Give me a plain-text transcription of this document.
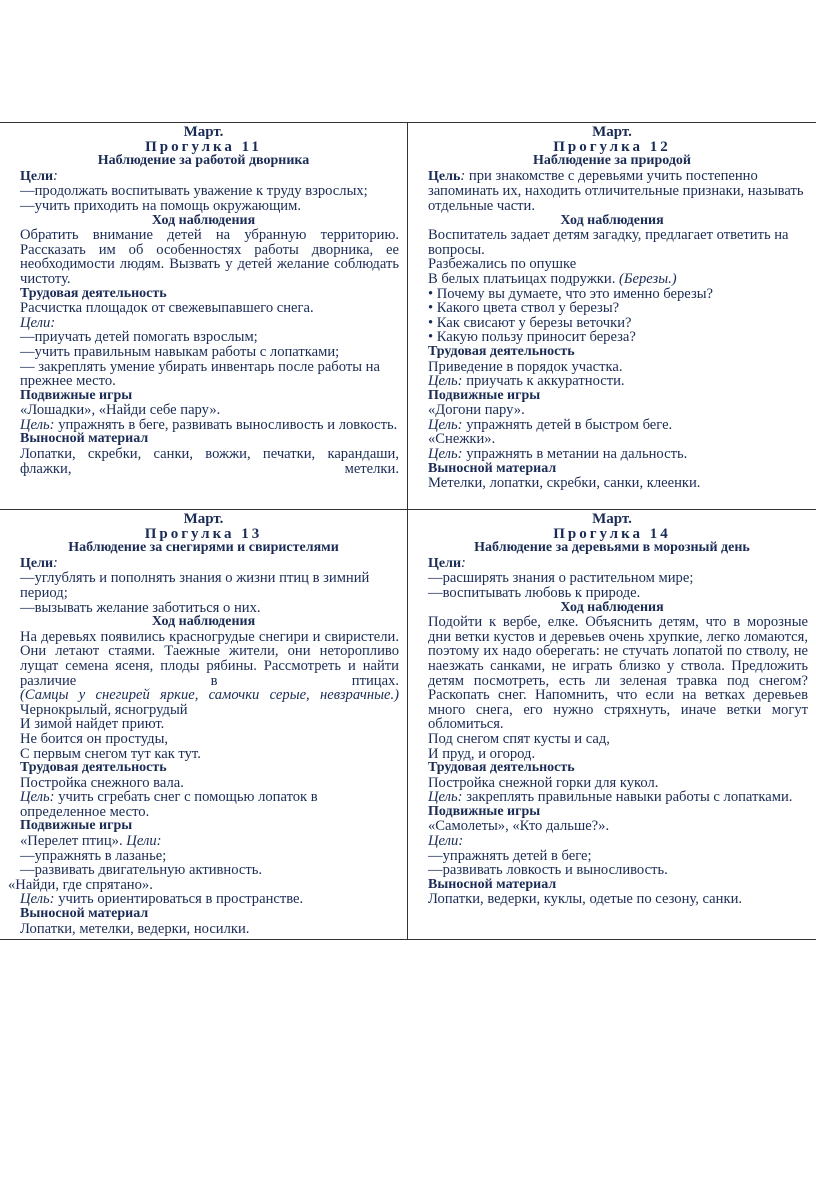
Март.
Прогулка 11
Наблюдение за работой дворника
Цели:
—продолжать воспитывать уважение к труду взрослых;
—учить приходить на помощь окружающим.
Ход наблюдения
Обратить внимание детей на убранную территорию. Рассказать им об особенностях работы дворника, ее необходимости людям. Вызвать у детей желание соблюдать чистоту.
Трудовая деятельность
Расчистка площадок от свежевыпавшего снега.
Цели:
—приучать детей помогать взрослым;
—учить правильным навыкам работы с лопатками;
— закреплять умение убирать инвентарь после работы на прежнее место.
Подвижные игры
«Лошадки», «Найди себе пару».
Цель: упражнять в беге, развивать выносливость и ловкость.
Выносной материал
Лопатки, скребки, санки, вожжи, печатки, карандаши, флажки, метелки.
Март.
Прогулка 12
Наблюдение за природой
Цель: при знакомстве с деревьями учить постепенно запоминать их, находить отличительные признаки, называть отдельные части.
Ход наблюдения
Воспитатель задает детям загадку, предлагает ответить на вопросы.
Разбежались по опушке
В белых платьицах подружки. (Березы.)
• Почему вы думаете, что это именно березы?
• Какого цвета ствол у березы?
• Как свисают у березы веточки?
• Какую пользу приносит береза?
Трудовая деятельность
Приведение в порядок участка.
Цель: приучать к аккуратности.
Подвижные игры
«Догони пару».
Цель: упражнять детей в быстром беге.
«Снежки».
Цель: упражнять в метании на дальность.
Выносной материал
Метелки, лопатки, скребки, санки, клеенки.
Март.
Прогулка 13
Наблюдение за снегирями и свиристелями
Цели:
—углублять и пополнять знания о жизни птиц в зимний период;
—вызывать желание заботиться о них.
Ход наблюдения
На деревьях появились красногрудые снегири и свиристели. Они летают стаями. Таежные жители, они неторопливо лущат семена ясеня, плоды рябины. Рассмотреть и найти различие в птицах.
(Самцы у снегирей яркие, самочки серые, невзрачные.)
Чернокрылый, ясногрудый
И зимой найдет приют.
Не боится он простуды,
С первым снегом тут как тут.
Трудовая деятельность
Постройка снежного вала.
Цель: учить сгребать снег с помощью лопаток в определенное место.
Подвижные игры
«Перелет птиц». Цели:
—упражнять в лазанье;
—развивать двигательную активность.
«Найди, где спрятано».
Цель: учить ориентироваться в пространстве.
Выносной материал
Лопатки, метелки, ведерки, носилки.
Март.
Прогулка 14
Наблюдение за деревьями в морозный день
Цели:
—расширять знания о растительном мире;
—воспитывать любовь к природе.
Ход наблюдения
Подойти к вербе, елке. Объяснить детям, что в морозные дни ветки кустов и деревьев очень хрупкие, легко ломаются, поэтому их надо оберегать: не стучать лопатой по стволу, не наезжать санками, не играть близко у ствола. Предложить детям посмотреть, есть ли зеленая травка под снегом? Раскопать снег. Напомнить, что если на ветках деревьев много снега, его нужно стряхнуть, иначе ветки могут обломиться.
Под снегом спят кусты и сад,
И пруд, и огород.
Трудовая деятельность
Постройка снежной горки для кукол.
Цель: закреплять правильные навыки работы с лопатками.
Подвижные игры
«Самолеты», «Кто дальше?».
Цели:
—упражнять детей в беге;
—развивать ловкость и выносливость.
Выносной материал
Лопатки, ведерки, куклы, одетые по сезону, санки.
